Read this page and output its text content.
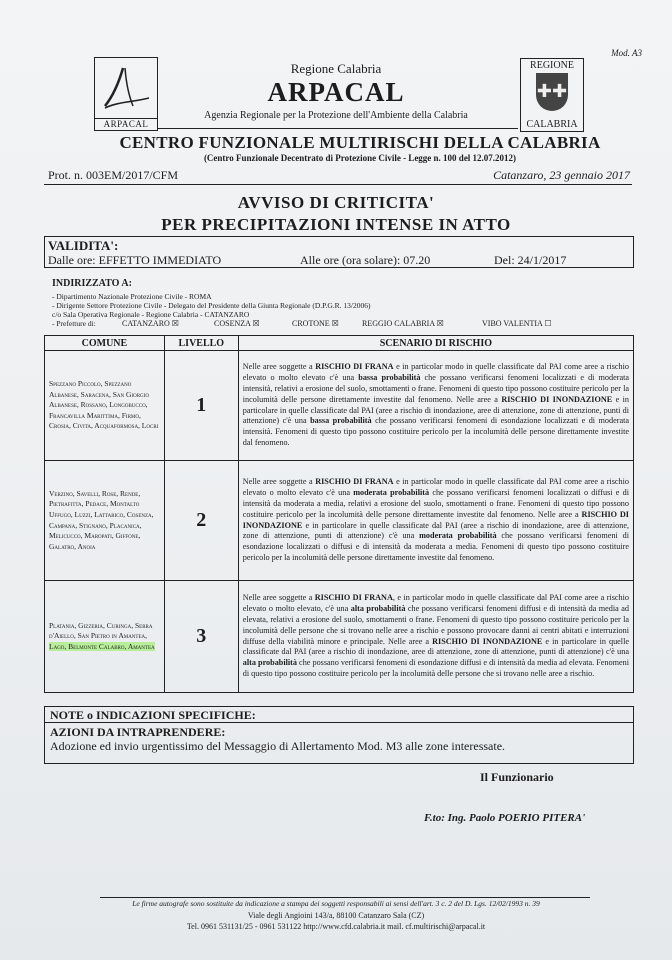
Mod. A3
ARPACAL
REGIONE
✚✚
CALABRIA
Regione Calabria
ARPACAL
Agenzia Regionale per la Protezione dell'Ambiente della Calabria
CENTRO FUNZIONALE MULTIRISCHI DELLA CALABRIA
(Centro Funzionale Decentrato di Protezione Civile - Legge n. 100 del 12.07.2012)
Prot. n. 003EM/2017/CFM	Catanzaro, 23 gennaio 2017
AVVISO DI CRITICITA'
PER PRECIPITAZIONI INTENSE IN ATTO
VALIDITA':
Dalle ore: EFFETTO IMMEDIATO	Alle ore (ora solare): 07.20	Del: 24/1/2017
INDIRIZZATO A:
- Dipartimento Nazionale Protezione Civile - ROMA
- Dirigente Settore Protezione Civile - Delegato del Presidente della Giunta Regionale (D.P.G.R. 13/2006)
c/o Sala Operativa Regionale - Regione Calabria - CATANZARO
- Prefetture di:	CATANZARO ☒	COSENZA ☒	CROTONE ☒	REGGIO CALABRIA ☒	VIBO VALENTIA ☐
COMUNE	LIVELLO	SCENARIO DI RISCHIO
Spezzano Piccolo, Spezzano Albanese, Saracena, San Giorgio Albanese, Rossano, Longobucco, Francavilla Marittima, Firmo, Crosia, Civita, Acquaformosa, Locri	1	Nelle aree soggette a RISCHIO DI FRANA e in particolar modo in quelle classificate dal PAI come aree a rischio elevato o molto elevato c'è una bassa probabilità che possano verificarsi fenomeni localizzati e di moderata intensità, relativi a erosione del suolo, smottamenti o frane. Fenomeni di questo tipo possono costituire pericolo per la incolumità delle persone direttamente investite dal fenomeno. Nelle aree a RISCHIO DI INONDAZIONE e in particolare in quelle classificate dal PAI (aree a rischio di inondazione, aree di attenzione, zone di attenzione, punti di attenzione) c'è una bassa probabilità che possano verificarsi fenomeni di esondazione localizzati e di moderata intensità. Fenomeni di questo tipo possono costituire pericolo per la incolumità delle persone direttamente investite dal fenomeno.
Verzino, Savelli, Rose, Rende, Pietrafitta, Pedace, Montalto Uffugo, Luzzi, Lattarico, Cosenza, Campana, Stignano, Placanica, Melicucco, Maropati, Giffone, Galatro, Anoia	2	Nelle aree soggette a RISCHIO DI FRANA e in particolar modo in quelle classificate dal PAI come aree a rischio elevato o molto elevato c'è una moderata probabilità che possano verificarsi fenomeni localizzati o diffusi e di intensità da moderata a media, relativi a erosione del suolo, smottamenti o frane. Fenomeni di questo tipo possono costituire pericolo per la incolumità delle persone direttamente investite dal fenomeno. Nelle aree a RISCHIO DI INONDAZIONE e in particolare in quelle classificate dal PAI (aree a rischio di inondazione, aree di attenzione, zone di attenzione, punti di attenzione) c'è una moderata probabilità che possano verificarsi fenomeni di esondazione localizzati o diffusi e di intensità da moderata a media. Fenomeni di questo tipo possono costituire pericolo per la incolumità delle persone direttamente investite dal fenomeno.
Platania, Gizzeria, Curinga, Serra d'Aiello, San Pietro in Amantea, Lago, Belmonte Calabro, Amantea	3	Nelle aree soggette a RISCHIO DI FRANA, e in particolar modo in quelle classificate dal PAI come aree a rischio elevato o molto elevato, c'è una alta probabilità che possano verificarsi fenomeni diffusi e di intensità da media ad elevata, relativi a erosione del suolo, smottamenti o frane. Fenomeni di questo tipo possono costituire pericolo per la incolumità delle persone che si trovano nelle aree a rischio e possono provocare danni ai centri abitati e interruzioni diffuse della viabilità minore e principale. Nelle aree a RISCHIO DI INONDAZIONE e in particolare in quelle classificate dal PAI (aree a rischio di inondazione, aree di attenzione, zone di attenzione, punti di attenzione) c'è una alta probabilità che possano verificarsi fenomeni di esondazione diffusi e di intensità da media ad elevata. Fenomeni di questo tipo possono costituire pericolo per la incolumità delle persone che si trovano nelle aree a rischio.
NOTE o INDICAZIONI SPECIFICHE:
AZIONI DA INTRAPRENDERE:
Adozione ed invio urgentissimo del Messaggio di Allertamento Mod. M3 alle zone interessate.
Il Funzionario
F.to: Ing. Paolo POERIO PITERA'
Le firme autografe sono sostituite da indicazione a stampa dei soggetti responsabili ai sensi dell'art. 3 c. 2 del D. Lgs. 12/02/1993 n. 39
Viale degli Angioini 143/a, 88100 Catanzaro Sala (CZ)
Tel. 0961 531131/25 - 0961 531122 http://www.cfd.calabria.it mail. cf.multirischi@arpacal.it
